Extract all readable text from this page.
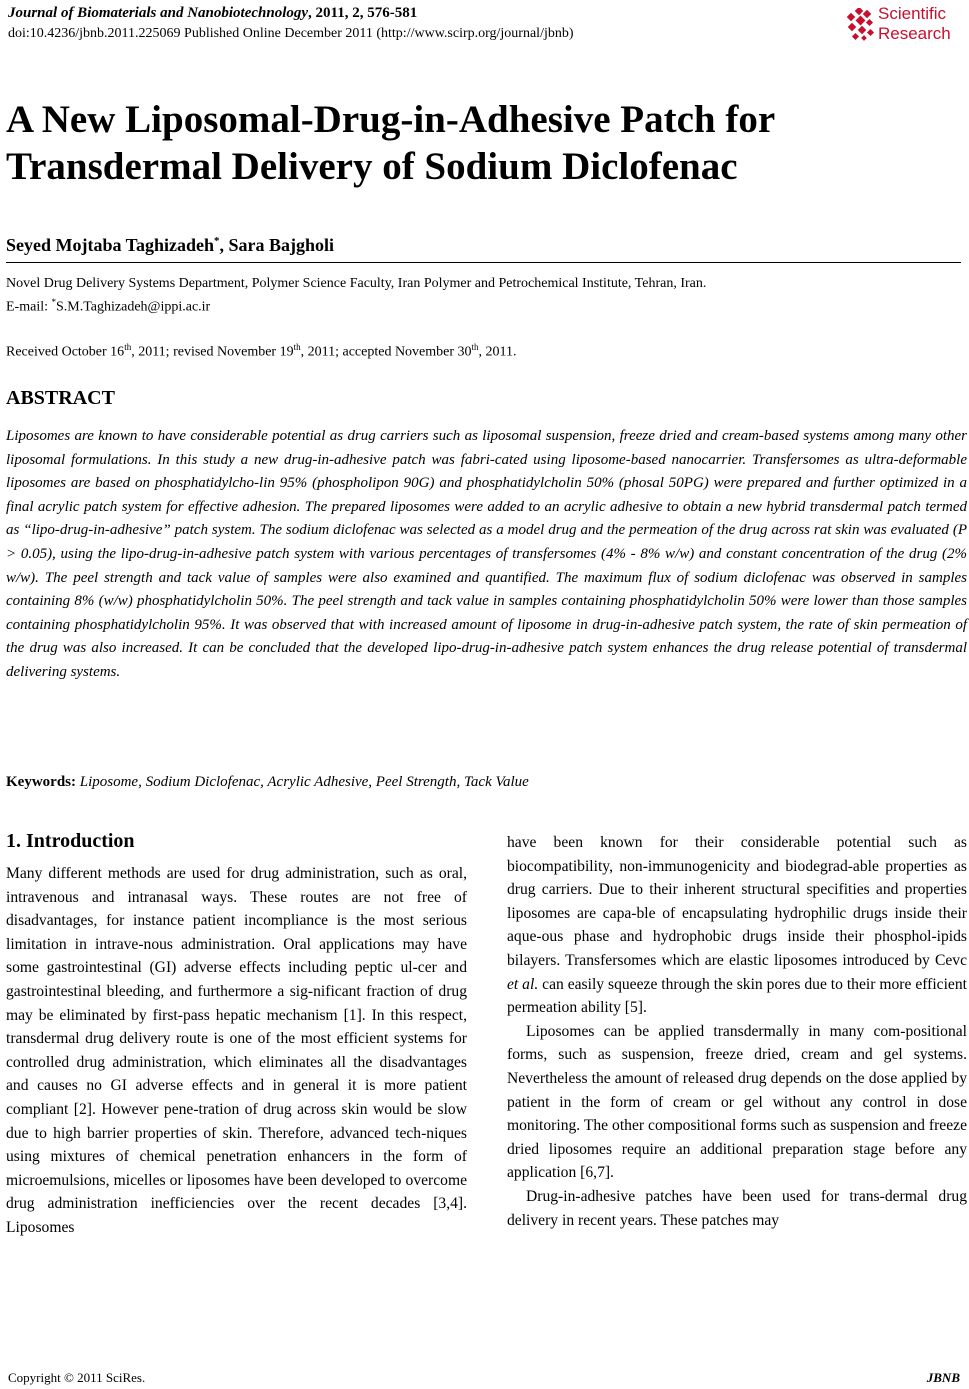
Journal of Biomaterials and Nanobiotechnology, 2011, 2, 576-581
doi:10.4236/jbnb.2011.225069 Published Online December 2011 (http://www.scirp.org/journal/jbnb)
Scientific
Research
A New Liposomal-Drug-in-Adhesive Patch for Transdermal Delivery of Sodium Diclofenac
Seyed Mojtaba Taghizadeh*, Sara Bajgholi
Novel Drug Delivery Systems Department, Polymer Science Faculty, Iran Polymer and Petrochemical Institute, Tehran, Iran.
E-mail: *S.M.Taghizadeh@ippi.ac.ir
Received October 16th, 2011; revised November 19th, 2011; accepted November 30th, 2011.
ABSTRACT

Liposomes are known to have considerable potential as drug carriers such as liposomal suspension, freeze dried and cream-based systems among many other liposomal formulations. In this study a new drug-in-adhesive patch was fabri-cated using liposome-based nanocarrier. Transfersomes as ultra-deformable liposomes are based on phosphatidylcho-lin 95% (phospholipon 90G) and phosphatidylcholin 50% (phosal 50PG) were prepared and further optimized in a final acrylic patch system for effective adhesion. The prepared liposomes were added to an acrylic adhesive to obtain a new hybrid transdermal patch termed as “lipo-drug-in-adhesive” patch system. The sodium diclofenac was selected as a model drug and the permeation of the drug across rat skin was evaluated (P > 0.05), using the lipo-drug-in-adhesive patch system with various percentages of transfersomes (4% - 8% w/w) and constant concentration of the drug (2% w/w). The peel strength and tack value of samples were also examined and quantified. The maximum flux of sodium diclofenac was observed in samples containing 8% (w/w) phosphatidylcholin 50%. The peel strength and tack value in samples containing phosphatidylcholin 50% were lower than those samples containing phosphatidylcholin 95%. It was observed that with increased amount of liposome in drug-in-adhesive patch system, the rate of skin permeation of the drug was also increased. It can be concluded that the developed lipo-drug-in-adhesive patch system enhances the drug release potential of transdermal delivering systems.

Keywords: Liposome, Sodium Diclofenac, Acrylic Adhesive, Peel Strength, Tack Value
1. Introduction

Many different methods are used for drug administration, such as oral, intravenous and intranasal ways. These routes are not free of disadvantages, for instance patient incompliance is the most serious limitation in intrave-nous administration. Oral applications may have some gastrointestinal (GI) adverse effects including peptic ul-cer and gastrointestinal bleeding, and furthermore a sig-nificant fraction of drug may be eliminated by first-pass hepatic mechanism [1]. In this respect, transdermal drug delivery route is one of the most efficient systems for controlled drug administration, which eliminates all the disadvantages and causes no GI adverse effects and in general it is more patient compliant [2]. However pene-tration of drug across skin would be slow due to high barrier properties of skin. Therefore, advanced tech-niques using mixtures of chemical penetration enhancers in the form of microemulsions, micelles or liposomes have been developed to overcome drug administration inefficiencies over the recent decades [3,4]. Liposomes

have been known for their considerable potential such as biocompatibility, non-immunogenicity and biodegrad-able properties as drug carriers. Due to their inherent structural specifities and properties liposomes are capa-ble of encapsulating hydrophilic drugs inside their aque-ous phase and hydrophobic drugs inside their phosphol-ipids bilayers. Transfersomes which are elastic liposomes introduced by Cevc et al. can easily squeeze through the skin pores due to their more efficient permeation ability [5].

Liposomes can be applied transdermally in many com-positional forms, such as suspension, freeze dried, cream and gel systems. Nevertheless the amount of released drug depends on the dose applied by patient in the form of cream or gel without any control in dose monitoring. The other compositional forms such as suspension and freeze dried liposomes require an additional preparation stage before any application [6,7].

Drug-in-adhesive patches have been used for trans-dermal drug delivery in recent years. These patches may

Copyright © 2011 SciRes.	JBNB
